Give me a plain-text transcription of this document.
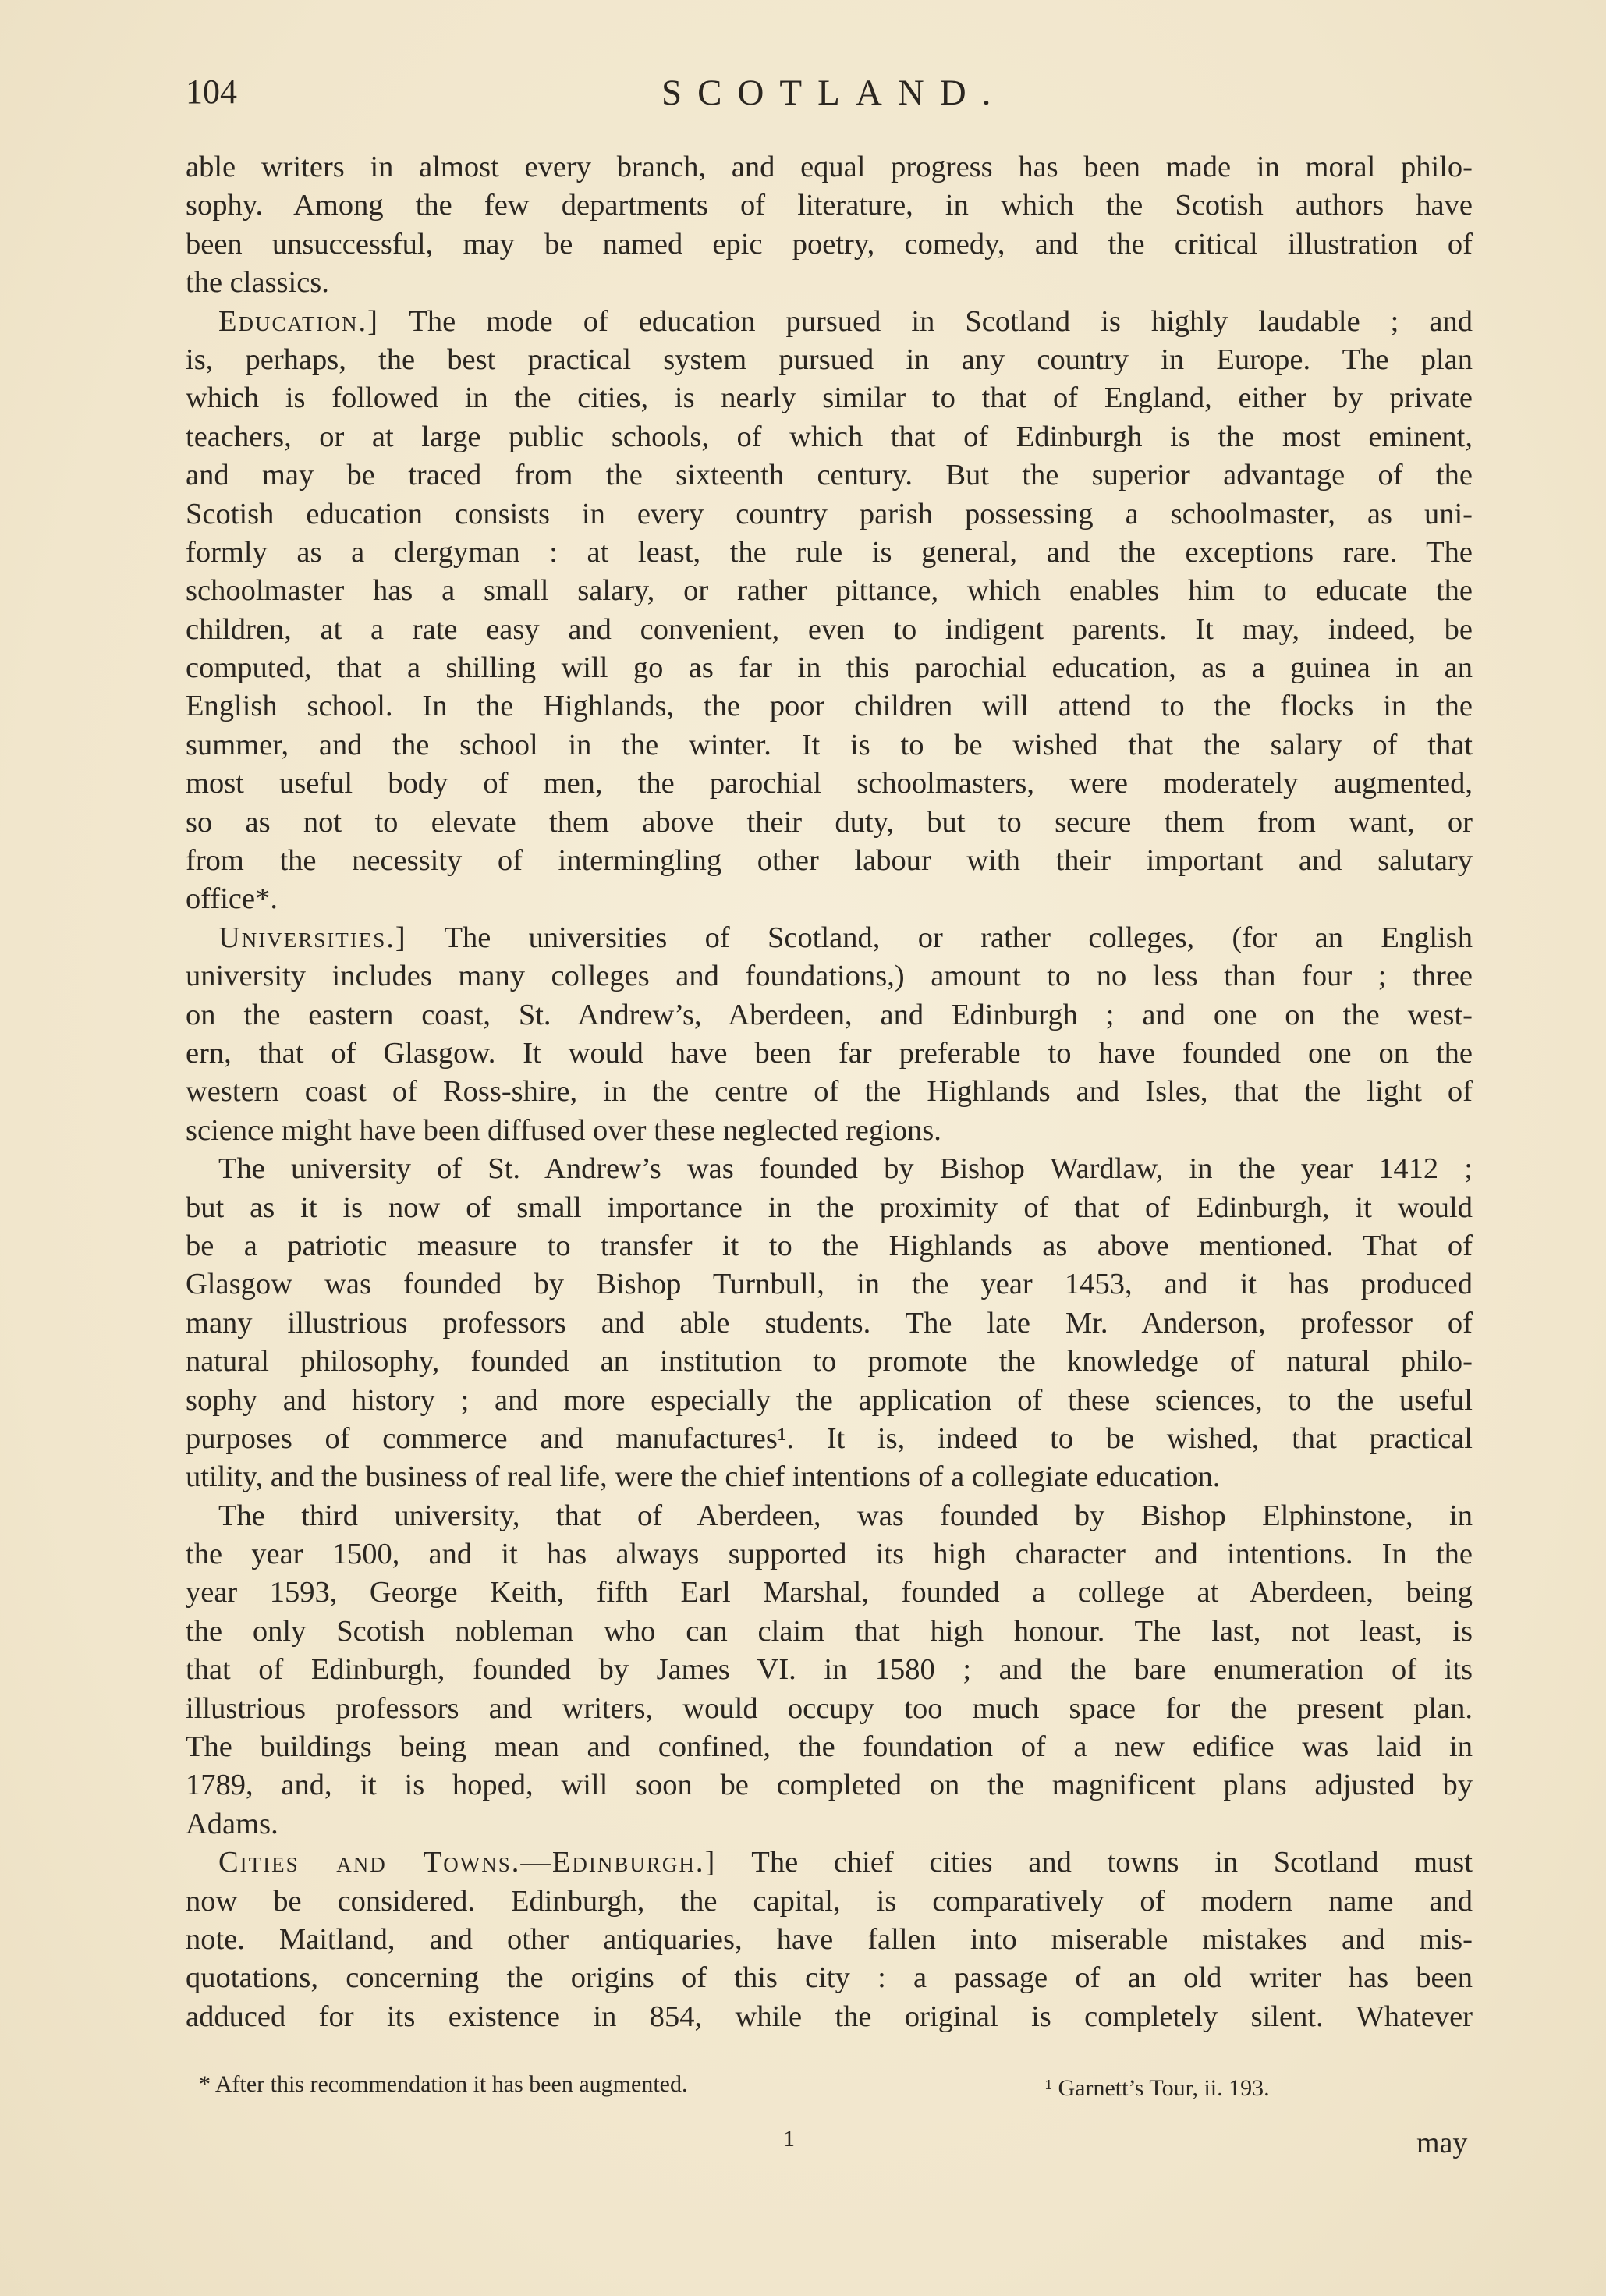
104	SCOTLAND.
able writers in almost every branch, and equal progress has been made in moral philo-
sophy. Among the few departments of literature, in which the Scotish authors have
been unsuccessful, may be named epic poetry, comedy, and the critical illustration of
the classics.
Education.] The mode of education pursued in Scotland is highly laudable ; and
is, perhaps, the best practical system pursued in any country in Europe. The plan
which is followed in the cities, is nearly similar to that of England, either by private
teachers, or at large public schools, of which that of Edinburgh is the most eminent,
and may be traced from the sixteenth century. But the superior advantage of the
Scotish education consists in every country parish possessing a schoolmaster, as uni-
formly as a clergyman : at least, the rule is general, and the exceptions rare. The
schoolmaster has a small salary, or rather pittance, which enables him to educate the
children, at a rate easy and convenient, even to indigent parents. It may, indeed, be
computed, that a shilling will go as far in this parochial education, as a guinea in an
English school. In the Highlands, the poor children will attend to the flocks in the
summer, and the school in the winter. It is to be wished that the salary of that
most useful body of men, the parochial schoolmasters, were moderately augmented,
so as not to elevate them above their duty, but to secure them from want, or
from the necessity of intermingling other labour with their important and salutary
office*.
Universities.] The universities of Scotland, or rather colleges, (for an English
university includes many colleges and foundations,) amount to no less than four ; three
on the eastern coast, St. Andrew’s, Aberdeen, and Edinburgh ; and one on the west-
ern, that of Glasgow. It would have been far preferable to have founded one on the
western coast of Ross-shire, in the centre of the Highlands and Isles, that the light of
science might have been diffused over these neglected regions.
The university of St. Andrew’s was founded by Bishop Wardlaw, in the year 1412 ;
but as it is now of small importance in the proximity of that of Edinburgh, it would
be a patriotic measure to transfer it to the Highlands as above mentioned. That of
Glasgow was founded by Bishop Turnbull, in the year 1453, and it has produced
many illustrious professors and able students. The late Mr. Anderson, professor of
natural philosophy, founded an institution to promote the knowledge of natural philo-
sophy and history ; and more especially the application of these sciences, to the useful
purposes of commerce and manufactures¹. It is, indeed to be wished, that practical
utility, and the business of real life, were the chief intentions of a collegiate education.
The third university, that of Aberdeen, was founded by Bishop Elphinstone, in
the year 1500, and it has always supported its high character and intentions. In the
year 1593, George Keith, fifth Earl Marshal, founded a college at Aberdeen, being
the only Scotish nobleman who can claim that high honour. The last, not least, is
that of Edinburgh, founded by James VI. in 1580 ; and the bare enumeration of its
illustrious professors and writers, would occupy too much space for the present plan.
The buildings being mean and confined, the foundation of a new edifice was laid in
1789, and, it is hoped, will soon be completed on the magnificent plans adjusted by
Adams.
Cities and Towns.—Edinburgh.] The chief cities and towns in Scotland must
now be considered. Edinburgh, the capital, is comparatively of modern name and
note. Maitland, and other antiquaries, have fallen into miserable mistakes and mis-
quotations, concerning the origins of this city : a passage of an old writer has been
adduced for its existence in 854, while the original is completely silent. Whatever
* After this recommendation it has been augmented.	¹ Garnett’s Tour, ii. 193.
1	may
